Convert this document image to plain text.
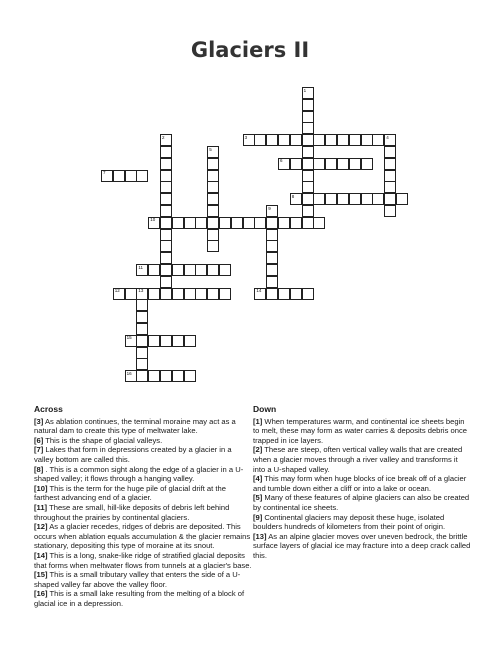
Glaciers II
3
6
7
8
10
11
12	13	14
15
16
1
2	4
5
9
Across

[3] As ablation continues, the terminal moraine may act as a natural dam to create this type of meltwater lake.

[6] This is the shape of glacial valleys.

[7] Lakes that form in depressions created by a glacier in a valley bottom are called this.

[8] . This is a common sight along the edge of a glacier in a U-shaped valley; it flows through a hanging valley.

[10] This is the term for the huge pile of glacial drift at the farthest advancing end of a glacier.

[11] These are small, hill-like deposits of debris left behind throughout the prairies by continental glaciers.

[12] As a glacier recedes, ridges of debris are deposited. This occurs when ablation equals accumulation & the glacier remains stationary, depositing this type of moraine at its snout.

[14] This is a long, snake-like ridge of stratified glacial deposits that forms when meltwater flows from tunnels at a glacier's base.

[15] This is a small tributary valley that enters the side of a U-shaped valley far above the valley floor.

[16] This is a small lake resulting from the melting of a block of glacial ice in a depression.

Down

[1] When temperatures warm, and continental ice sheets begin to melt, these may form as water carries & deposits debris once trapped in ice layers.

[2] These are steep, often vertical valley walls that are created when a glacier moves through a river valley and transforms it into a U-shaped valley.

[4] This may form when huge blocks of ice break off of a glacier and tumble down either a cliff or into a lake or ocean.

[5] Many of these features of alpine glaciers can also be created by continental ice sheets.

[9] Continental glaciers may deposit these huge, isolated boulders hundreds of kilometers from their point of origin.

[13] As an alpine glacier moves over uneven bedrock, the brittle surface layers of glacial ice may fracture into a deep crack called this.
